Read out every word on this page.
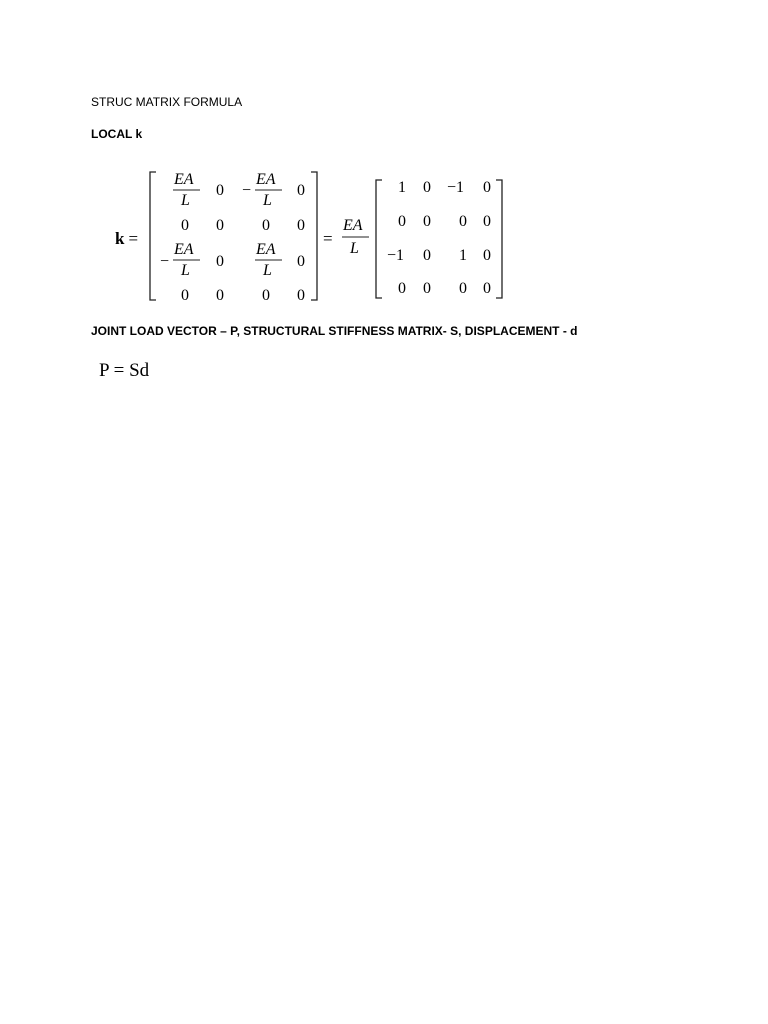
STRUC MATRIX FORMULA
LOCAL k
k =
EA
L
0 −
EA
L
0
0 0 0 0
−
EA
L
0
EA
L
0
0 0 0 0
=
EA
L
1 0 −1 0
0 0 0 0
−1 0 1 0
0 0 0 0
JOINT LOAD VECTOR – P, STRUCTURAL STIFFNESS MATRIX- S, DISPLACEMENT - d
P = Sd
